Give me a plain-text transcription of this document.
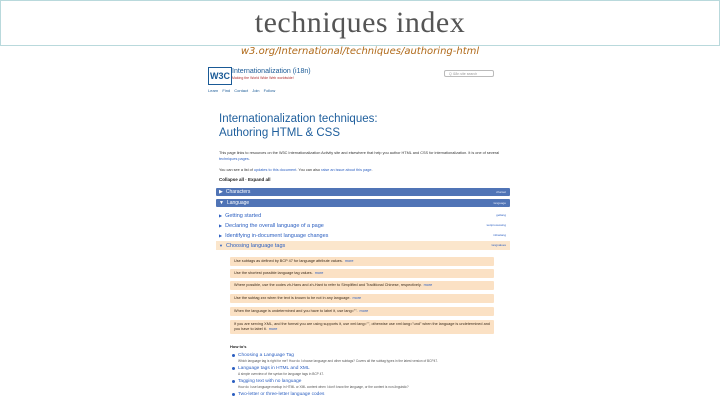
techniques index
w3.org/International/techniques/authoring-html
W3C Internationalization (i18n)
Making the World Wide Web worldwide!
Q i18n site search
Learn Find Contact Join Follow
Internationalization techniques:
Authoring HTML & CSS
This page links to resources on the W3C Internationalization Activity site and elsewhere that help you author HTML and CSS for internationalization. It is one of several techniques pages.
You can see a list of updates to this document. You can also raise an issue about this page.
Collapse all · Expand all
▶ Characters	charset
▼ Language	language
▶ Getting started	getlang
▶ Declaring the overall language of a page	textprocessing
▶ Identifying in-document language changes	inlinelang
▼ Choosing language tags	langvalues
Use subtags as defined by BCP 47 for language attribute values. more
Use the shortest possible language tag values. more
Where possible, use the codes zh-Hans and zh-Hant to refer to Simplified and Traditional Chinese, respectively. more
Use the subtag zxx when the text is known to be not in any language. more
When the language is undetermined and you have to label it, use lang="". more
If you are serving XML, and the format you are using supports it, use xml:lang="", otherwise use xml:lang="und" when the language is undetermined and you have to label it. more
How to's
Choosing a Language Tag
Which language tag is right for me? How do I choose language and other subtags? Covers all the subtag types in the latest version of BCP47.
Language tags in HTML and XML
A simple overview of the syntax for language tags in BCP 47.
Tagging text with no language
How do I use language markup in HTML or XML content when I don't know the language, or the content is non-linguistic?
Two-letter or three-letter language codes
